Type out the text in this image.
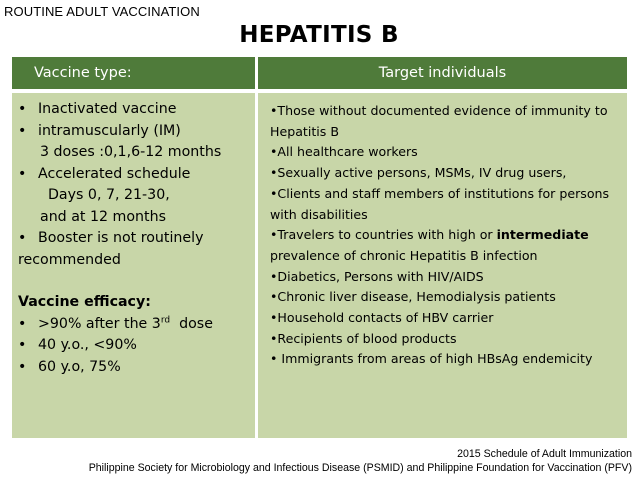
ROUTINE ADULT VACCINATION
HEPATITIS B
Vaccine type:	Target individuals
• Inactivated vaccine
• intramuscularly (IM)
3 doses :0,1,6-12 months
• Accelerated schedule
Days 0, 7, 21-30,
and at 12 months
• Booster is not routinely
recommended
Vaccine efficacy:
• >90% after the 3rd  dose
• 40 y.o., <90%
• 60 y.o, 75%
•Those without documented evidence of immunity to Hepatitis B
•All healthcare workers
•Sexually active persons, MSMs, IV drug users,
•Clients and staff members of institutions for persons with disabilities
•Travelers to countries with high or intermediate prevalence of chronic Hepatitis B infection
•Diabetics, Persons with HIV/AIDS
•Chronic liver disease, Hemodialysis patients
•Household contacts of HBV carrier
•Recipients of blood products
• Immigrants from areas of high HBsAg endemicity
2015 Schedule of Adult Immunization
Philippine Society for Microbiology and Infectious Disease (PSMID) and Philippine Foundation for Vaccination (PFV)
